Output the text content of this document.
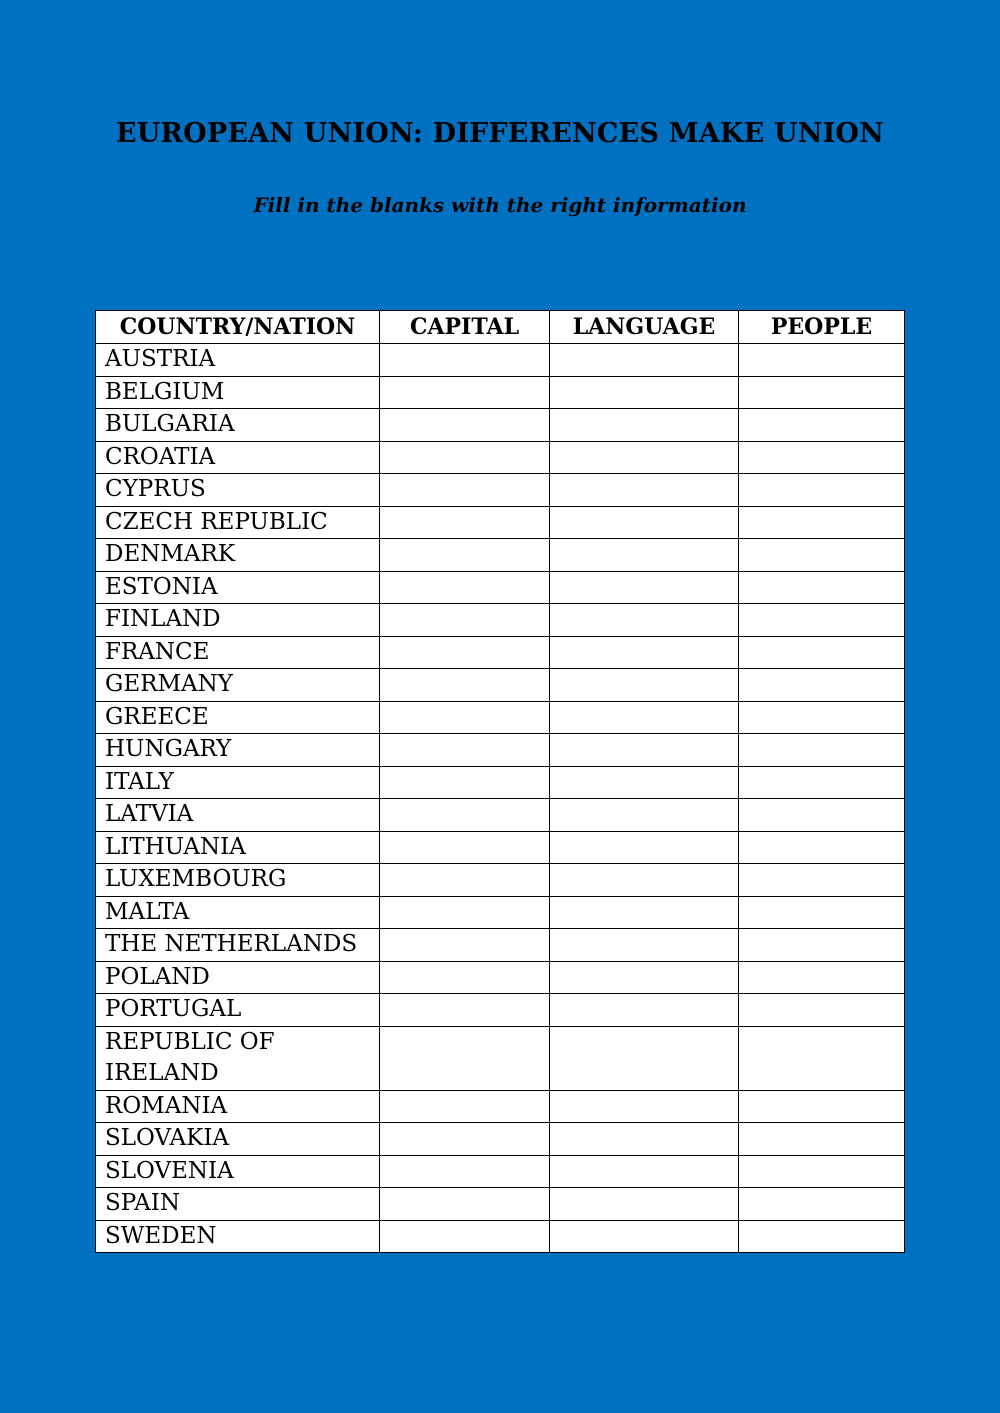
EUROPEAN UNION: DIFFERENCES MAKE UNION

Fill in the blanks with the right information

COUNTRY/NATION	CAPITAL	LANGUAGE	PEOPLE
AUSTRIA			
BELGIUM			
BULGARIA			
CROATIA			
CYPRUS			
CZECH REPUBLIC			
DENMARK			
ESTONIA			
FINLAND			
FRANCE			
GERMANY			
GREECE			
HUNGARY			
ITALY			
LATVIA			
LITHUANIA			
LUXEMBOURG			
MALTA			
THE NETHERLANDS			
POLAND			
PORTUGAL			
REPUBLIC OF IRELAND			
ROMANIA			
SLOVAKIA			
SLOVENIA			
SPAIN			
SWEDEN			
